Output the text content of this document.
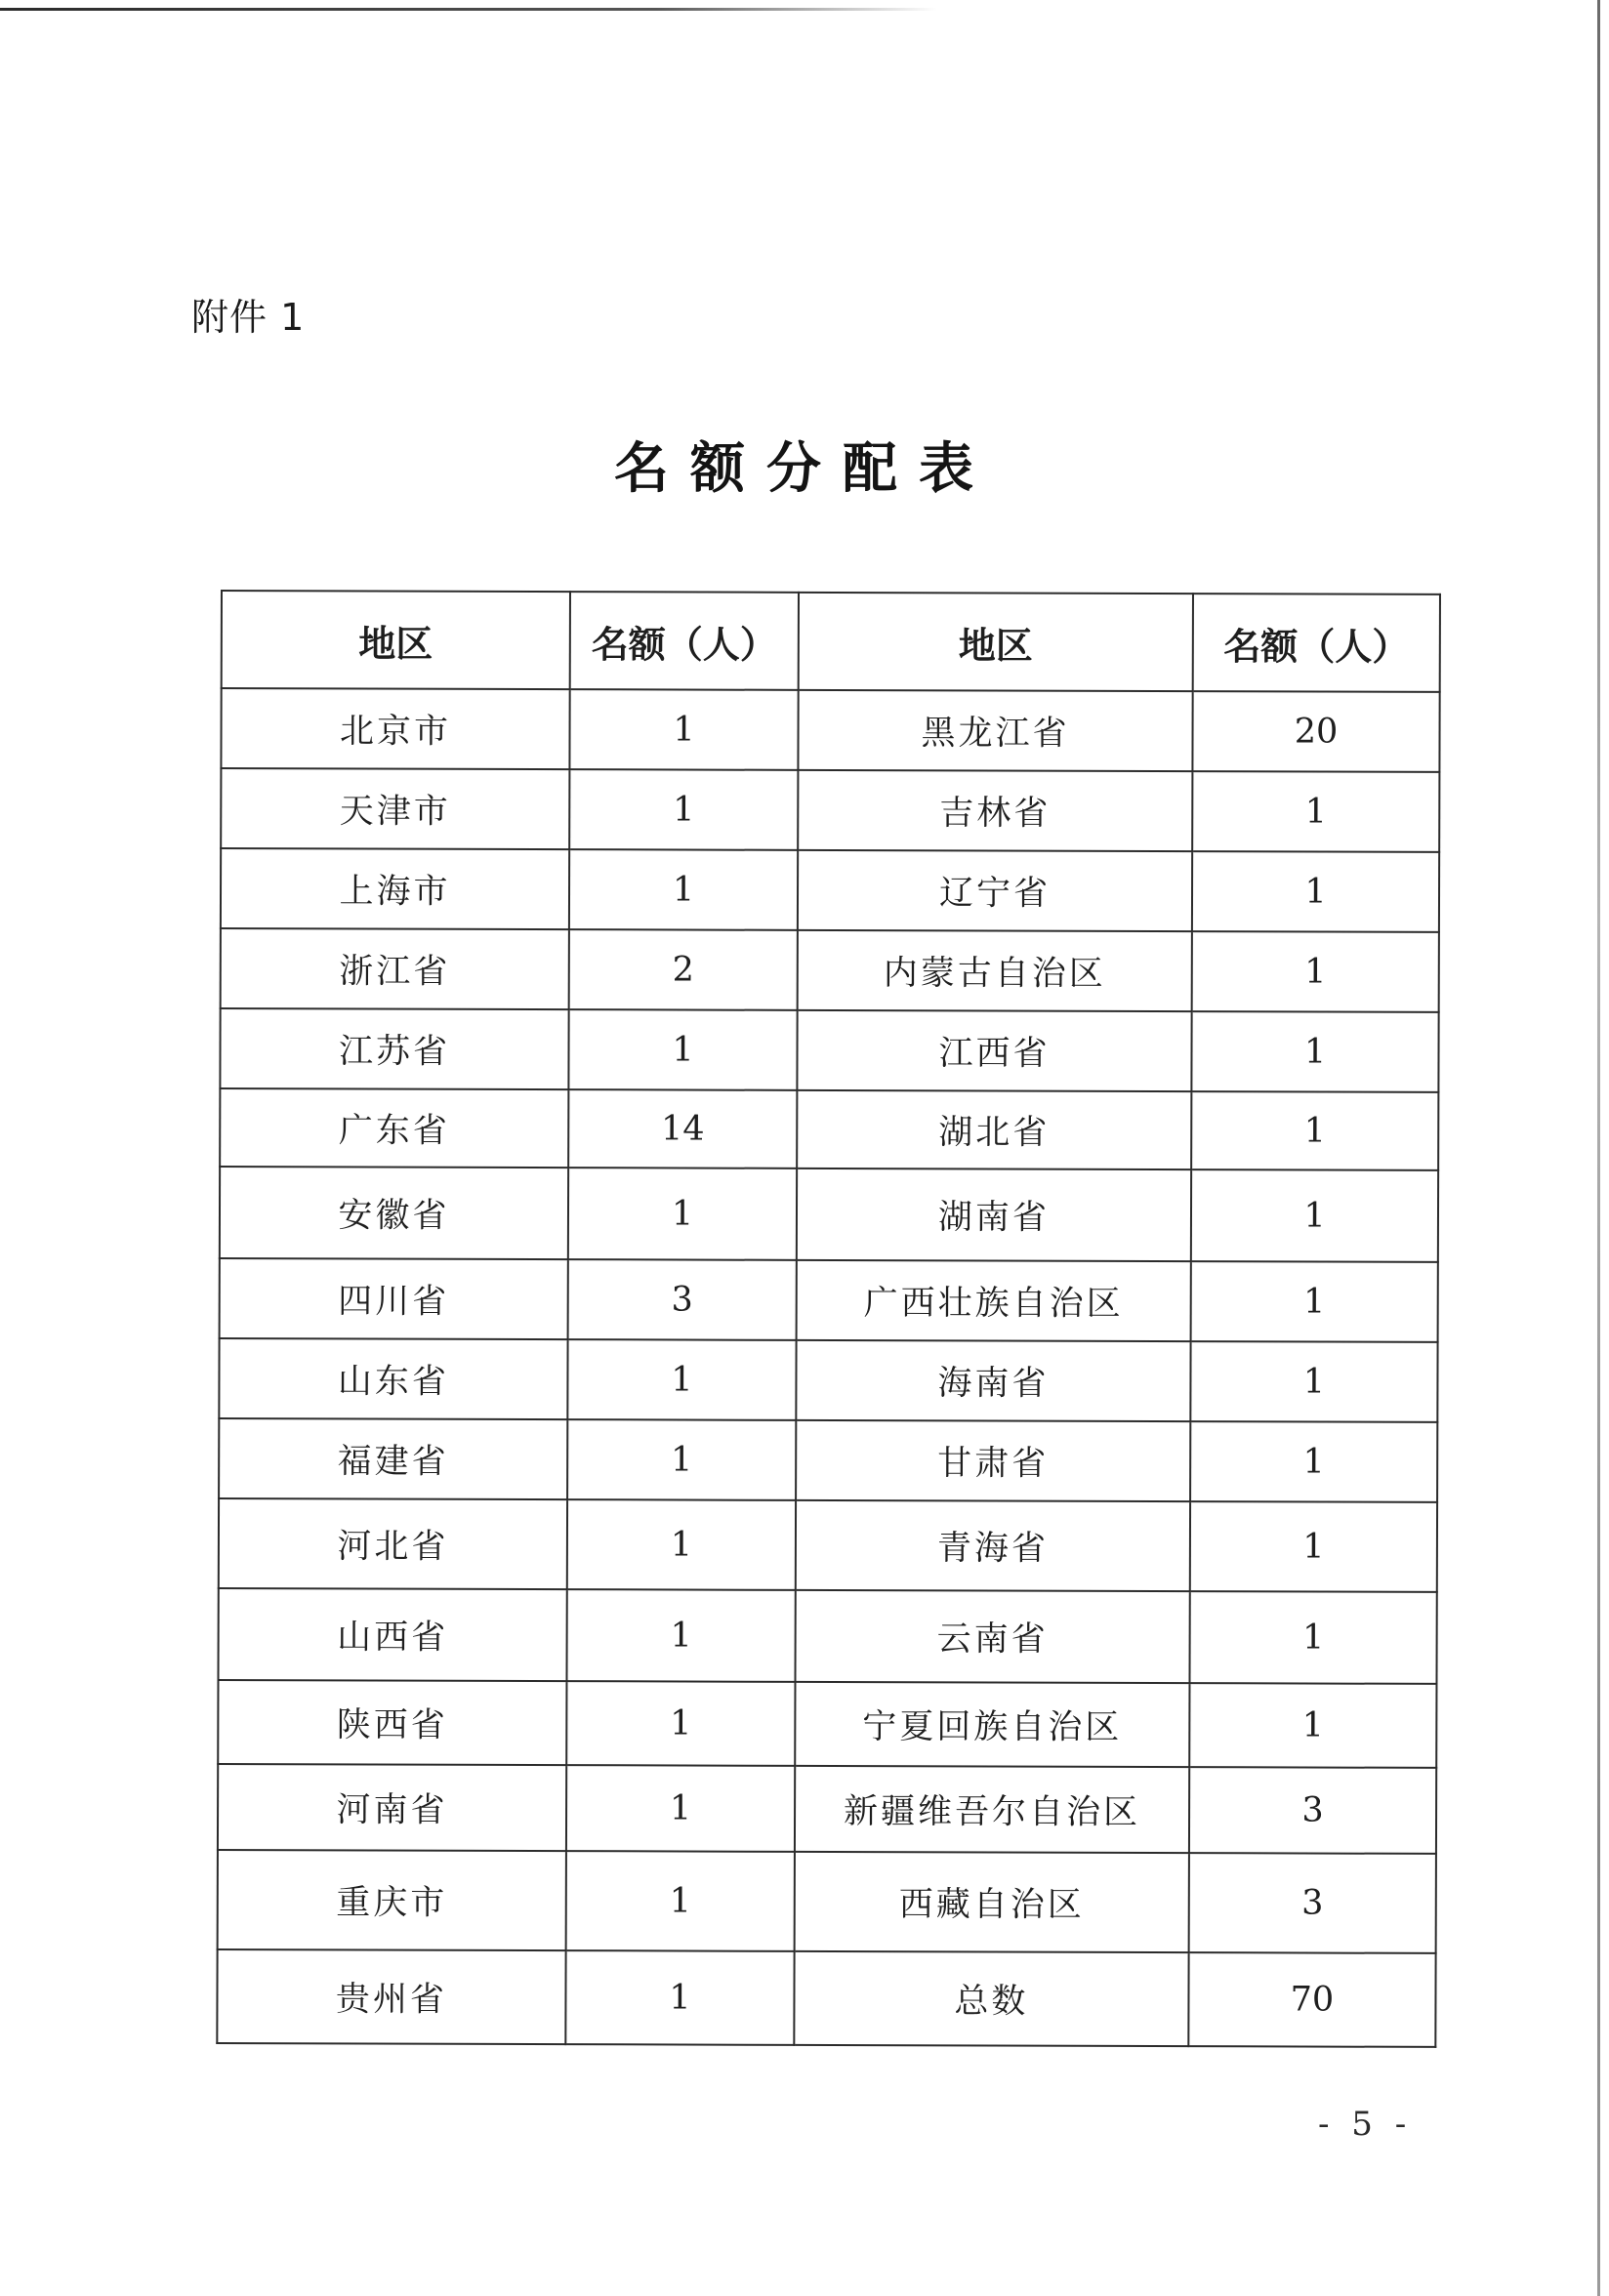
附件 1
名额分配表
地区	名额（人）	地区	名额（人）
北京市	1	黑龙江省	20
天津市	1	吉林省	1
上海市	1	辽宁省	1
浙江省	2	内蒙古自治区	1
江苏省	1	江西省	1
广东省	14	湖北省	1
安徽省	1	湖南省	1
四川省	3	广西壮族自治区	1
山东省	1	海南省	1
福建省	1	甘肃省	1
河北省	1	青海省	1
山西省	1	云南省	1
陕西省	1	宁夏回族自治区	1
河南省	1	新疆维吾尔自治区	3
重庆市	1	西藏自治区	3
贵州省	1	总数	70
- 5 -
